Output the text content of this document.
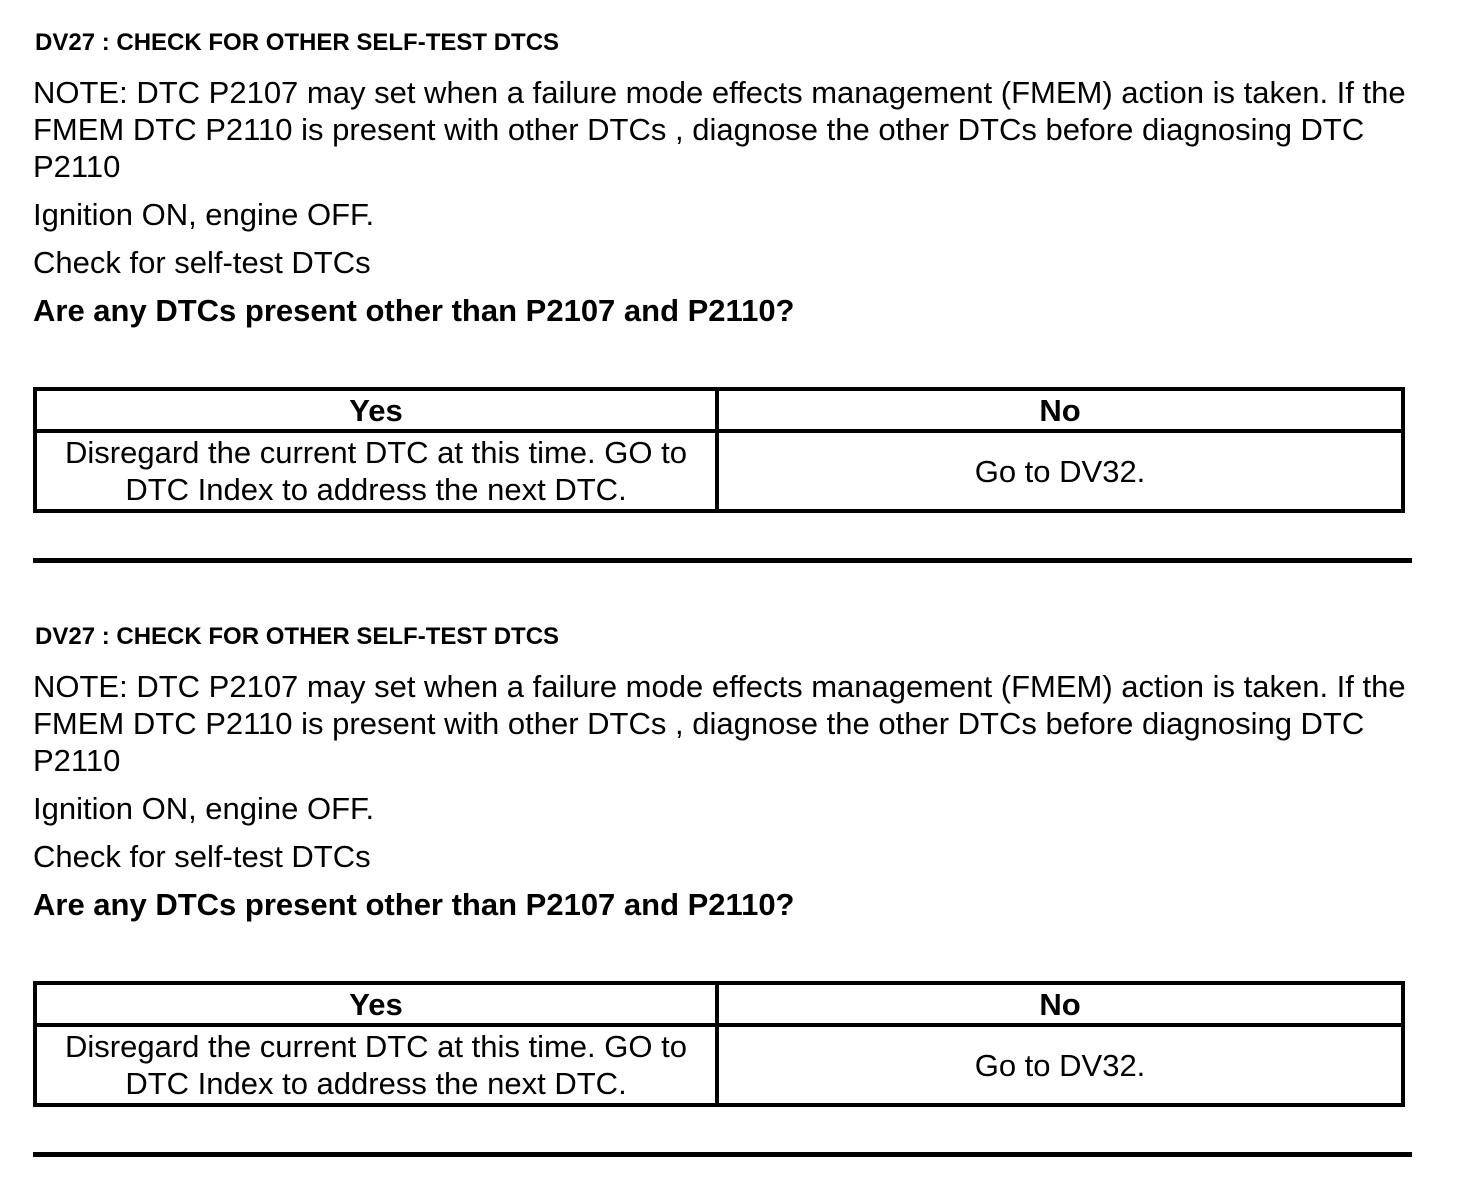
DV27 : CHECK FOR OTHER SELF-TEST DTCS
NOTE: DTC P2107 may set when a failure mode effects management (FMEM) action is taken. If the FMEM DTC P2110 is present with other DTCs , diagnose the other DTCs before diagnosing DTC P2110
Ignition ON, engine OFF.
Check for self-test DTCs
Are any DTCs present other than P2107 and P2110?
Yes	No
Disregard the current DTC at this time. GO to DTC Index to address the next DTC.	Go to DV32.
DV27 : CHECK FOR OTHER SELF-TEST DTCS
NOTE: DTC P2107 may set when a failure mode effects management (FMEM) action is taken. If the FMEM DTC P2110 is present with other DTCs , diagnose the other DTCs before diagnosing DTC P2110
Ignition ON, engine OFF.
Check for self-test DTCs
Are any DTCs present other than P2107 and P2110?
Yes	No
Disregard the current DTC at this time. GO to DTC Index to address the next DTC.	Go to DV32.
